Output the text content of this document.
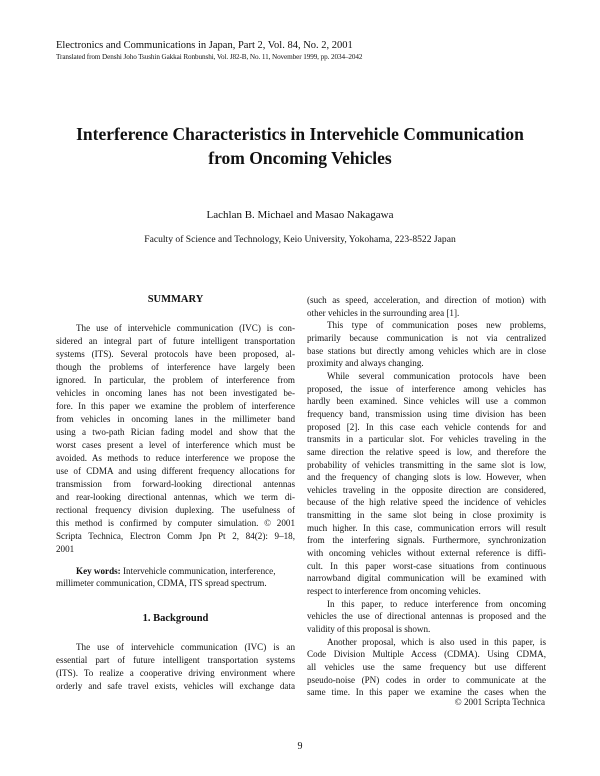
Electronics and Communications in Japan, Part 2, Vol. 84, No. 2, 2001
Translated from Denshi Joho Tsushin Gakkai Ronbunshi, Vol. J82-B, No. 11, November 1999, pp. 2034–2042
Interference Characteristics in Intervehicle Communication
from Oncoming Vehicles
Lachlan B. Michael and Masao Nakagawa
Faculty of Science and Technology, Keio University, Yokohama, 223-8522 Japan
SUMMARY
The use of intervehicle communication (IVC) is con-
sidered an integral part of future intelligent transportation
systems (ITS). Several protocols have been proposed, al-
though the problems of interference have largely been
ignored. In particular, the problem of interference from
vehicles in oncoming lanes has not been investigated be-
fore. In this paper we examine the problem of interference
from vehicles in oncoming lanes in the millimeter band
using a two-path Rician fading model and show that the
worst cases present a level of interference which must be
avoided. As methods to reduce interference we propose the
use of CDMA and using different frequency allocations for
transmission from forward-looking directional antennas
and rear-looking directional antennas, which we term di-
rectional frequency division duplexing. The usefulness of
this method is confirmed by computer simulation. © 2001
Scripta Technica, Electron Comm Jpn Pt 2, 84(2): 9–18,
2001
Key words: Intervehicle communication, interference,
millimeter communication, CDMA, ITS spread spectrum.
1. Background
The use of intervehicle communication (IVC) is an
essential part of future intelligent transportation systems
(ITS). To realize a cooperative driving environment where
orderly and safe travel exists, vehicles will exchange data
(such as speed, acceleration, and direction of motion) with
other vehicles in the surrounding area [1].
This type of communication poses new problems,
primarily because communication is not via centralized
base stations but directly among vehicles which are in close
proximity and always changing.
While several communication protocols have been
proposed, the issue of interference among vehicles has
hardly been examined. Since vehicles will use a common
frequency band, transmission using time division has been
proposed [2]. In this case each vehicle contends for and
transmits in a particular slot. For vehicles traveling in the
same direction the relative speed is low, and therefore the
probability of vehicles transmitting in the same slot is low,
and the frequency of changing slots is low. However, when
vehicles traveling in the opposite direction are considered,
because of the high relative speed the incidence of vehicles
transmitting in the same slot being in close proximity is
much higher. In this case, communication errors will result
from the interfering signals. Furthermore, synchronization
with oncoming vehicles without external reference is diffi-
cult. In this paper worst-case situations from continuous
narrowband digital communication will be examined with
respect to interference from oncoming vehicles.
In this paper, to reduce interference from oncoming
vehicles the use of directional antennas is proposed and the
validity of this proposal is shown.
Another proposal, which is also used in this paper, is
Code Division Multiple Access (CDMA). Using CDMA,
all vehicles use the same frequency but use different
pseudo-noise (PN) codes in order to communicate at the
same time. In this paper we examine the cases when the
© 2001 Scripta Technica
9
